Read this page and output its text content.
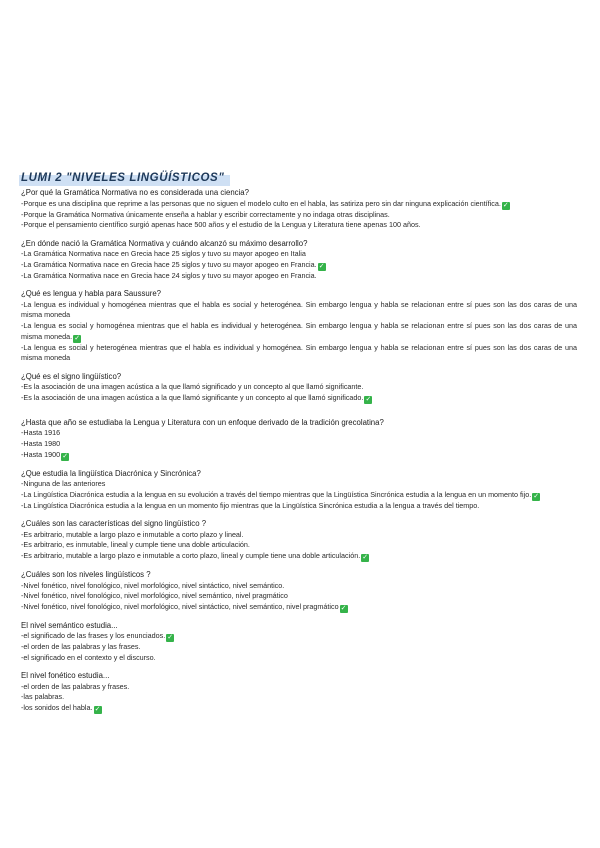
LUMI 2 "NIVELES LINGÜÍSTICOS"
¿Por qué la Gramática Normativa no es considerada una ciencia?
-Porque es una disciplina que reprime a las personas que no siguen el modelo culto en el habla, las satiriza pero sin dar ninguna explicación científica. ✓
-Porque la Gramática Normativa únicamente enseña a hablar y escribir correctamente y no indaga otras disciplinas.
-Porque el pensamiento científico surgió apenas hace 500 años y el estudio de la Lengua y Literatura tiene apenas 100 años.
¿En dónde nació la Gramática Normativa y cuándo alcanzó su máximo desarrollo?
-La Gramática Normativa nace en Grecia hace 25 siglos y tuvo su mayor apogeo en Italia
-La Gramática Normativa nace en Grecia hace 25 siglos y tuvo su mayor apogeo en Francia. ✓
-La Gramática Normativa nace en Grecia hace 24 siglos y tuvo su mayor apogeo en Francia.
¿Qué es lengua y habla para Saussure?
-La lengua es individual y homogénea mientras que el habla es social y heterogénea. Sin embargo lengua y habla se relacionan entre sí pues son las dos caras de una misma moneda
-La lengua es social y homogénea mientras que el habla es individual y heterogénea. Sin embargo lengua y habla se relacionan entre sí pues son las dos caras de una misma moneda. ✓
-La lengua es social y heterogénea mientras que el habla es individual y homogénea. Sin embargo lengua y habla se relacionan entre sí pues son las dos caras de una misma moneda
¿Qué es el signo lingüístico?
-Es la asociación de una imagen acústica a la que llamó significado y un concepto al que llamó significante.
-Es la asociación de una imagen acústica a la que llamó significante y un concepto al que llamó significado. ✓
¿Hasta que año se estudiaba la Lengua y Literatura con un enfoque derivado de la tradición grecolatina?
-Hasta 1916
-Hasta 1980
-Hasta 1900 ✓
¿Que estudia la lingüística Diacrónica y Sincrónica?
-Ninguna de las anteriores
-La Lingüística Diacrónica estudia a la lengua en su evolución a través del tiempo mientras que la Lingüística Sincrónica estudia a la lengua en un momento fijo. ✓
-La Lingüística Diacrónica estudia a la lengua en un momento fijo mientras que la Lingüística Sincrónica estudia a la lengua a través del tiempo.
¿Cuáles son las características del signo lingüístico ?
-Es arbitrario, mutable a largo plazo e inmutable a corto plazo y lineal.
-Es arbitrario, es inmutable, lineal y cumple tiene una doble articulación.
-Es arbitrario, mutable a largo plazo e inmutable a corto plazo, lineal y cumple tiene una doble articulación. ✓
¿Cuáles son los niveles lingüísticos ?
-Nivel fonético, nivel fonológico, nivel morfológico, nivel sintáctico, nivel semántico.
-Nivel fonético, nivel fonológico, nivel morfológico, nivel semántico, nivel pragmático
-Nivel fonético, nivel fonológico, nivel morfológico, nivel sintáctico, nivel semántico, nivel pragmático ✓
El nivel semántico estudia...
-el significado de las frases y los enunciados. ✓
-el orden de las palabras y las frases.
-el significado en el contexto y el discurso.
El nivel fonético estudia...
-el orden de las palabras y frases.
-las palabras.
-los sonidos del habla. ✓
